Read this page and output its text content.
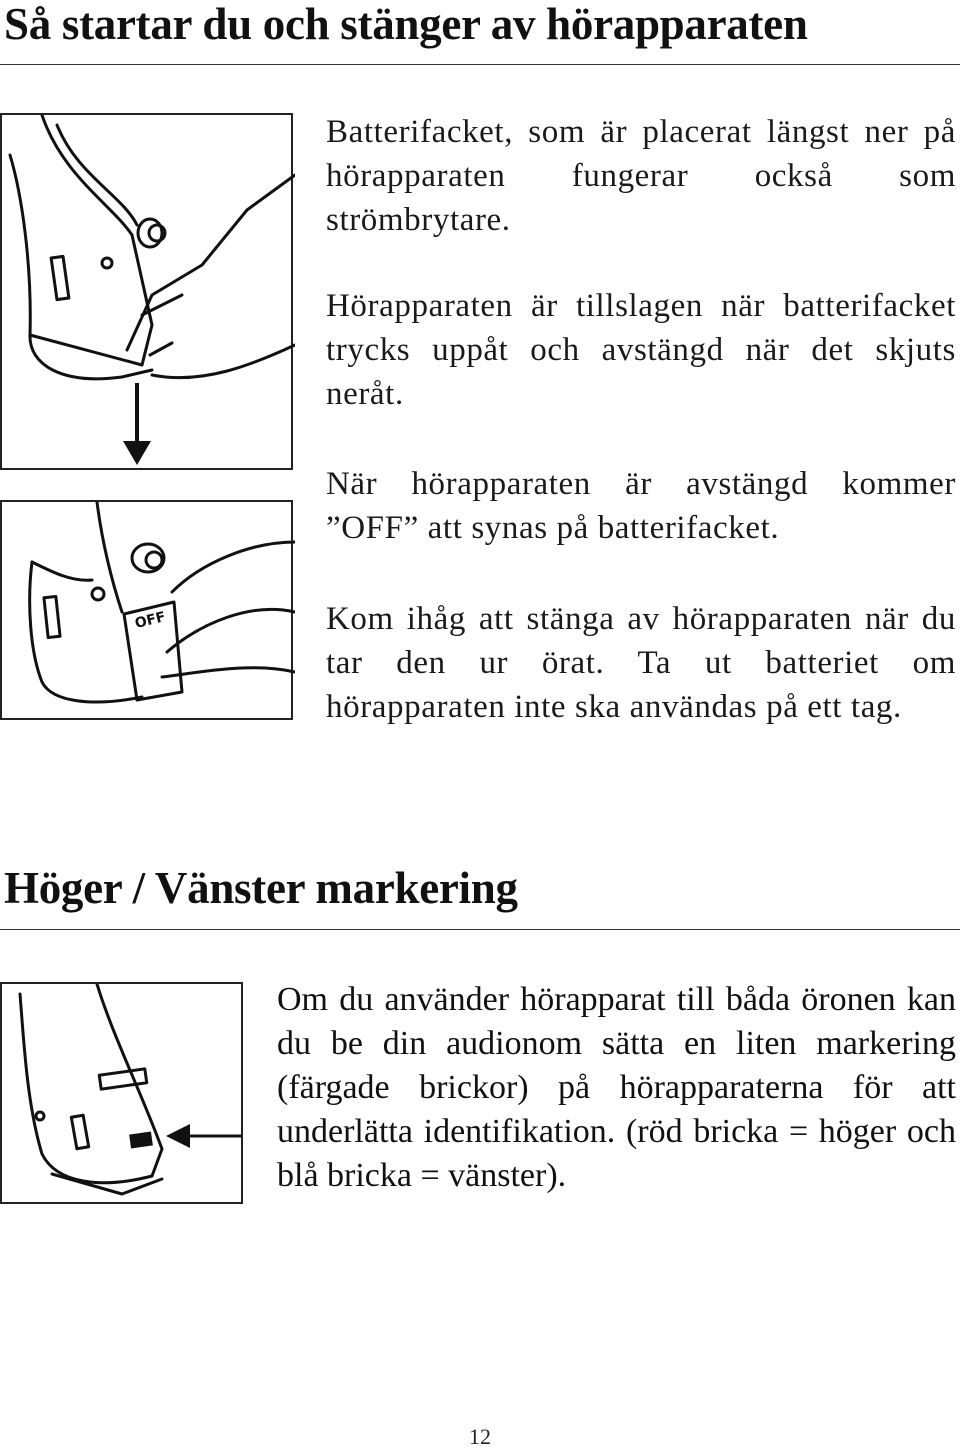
Så startar du och stänger av hörapparaten
OFF

Batterifacket, som är placerat längst ner på hörapparaten fungerar också som strömbrytare.

Hörapparaten är tillslagen när batterifacket trycks uppåt och avstängd när det skjuts neråt.

När hörapparaten är avstängd kommer ”OFF” att synas på batterifacket.

Kom ihåg att stänga av hörapparaten när du tar den ur örat. Ta ut batteriet om hörapparaten inte ska användas på ett tag.

Höger / Vänster markering

Om du använder hörapparat till båda öronen kan du be din audionom sätta en liten markering (färgade brickor) på hörapparaterna för att underlätta identifikation. (röd bricka = höger och blå bricka = vänster).

12
